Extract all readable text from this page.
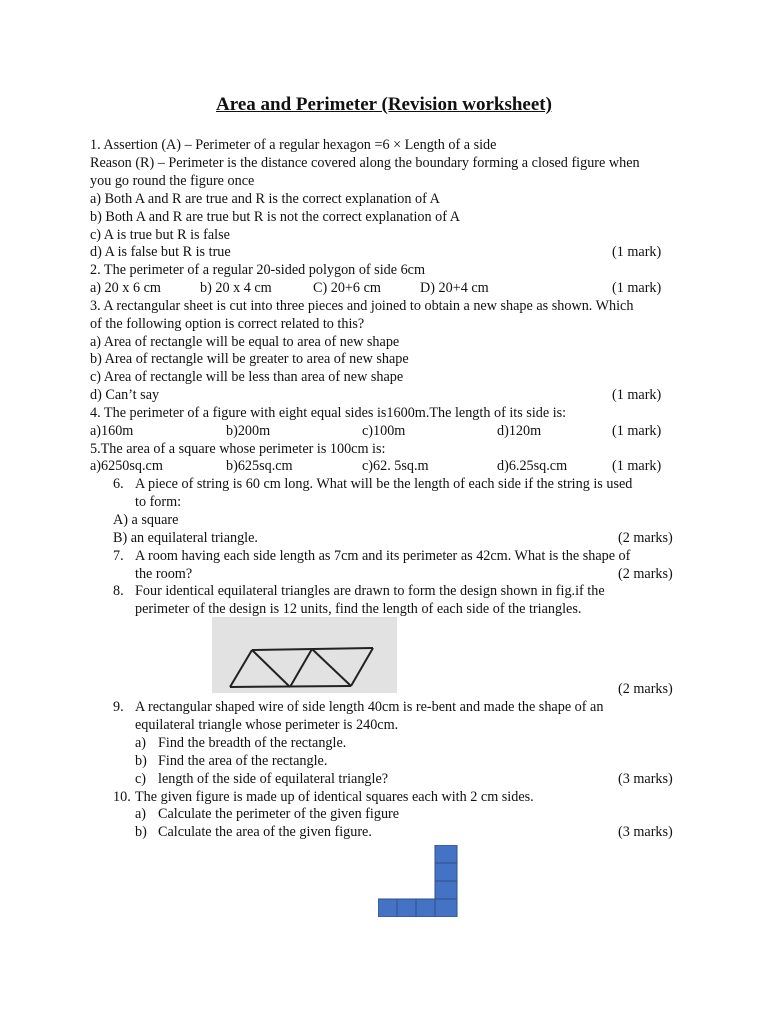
Area and Perimeter (Revision worksheet)
1. Assertion (A) – Perimeter of a regular hexagon =6 × Length of a side
Reason (R) – Perimeter is the distance covered along the boundary forming a closed figure when
you go round the figure once
a) Both A and R are true and R is the correct explanation of A
b) Both A and R are true but R is not the correct explanation of A
c) A is true but R is false
d) A is false but R is true	(1 mark)
2. The perimeter of a regular 20-sided polygon of side 6cm
a) 20 x 6 cm	b) 20 x 4 cm	C) 20+6 cm	D) 20+4 cm	(1 mark)
3. A rectangular sheet is cut into three pieces and joined to obtain a new shape as shown. Which
of the following option is correct related to this?
a) Area of rectangle will be equal to area of new shape
b) Area of rectangle will be greater to area of new shape
c) Area of rectangle will be less than area of new shape
d) Can’t say	(1 mark)
4. The perimeter of a figure with eight equal sides is1600m.The length of its side is:
a)160m	b)200m	c)100m	d)120m	(1 mark)
5.The area of a square whose perimeter is 100cm is:
a)6250sq.cm	b)625sq.cm	c)62. 5sq.m	d)6.25sq.cm	(1 mark)
6. A piece of string is 60 cm long. What will be the length of each side if the string is used
to form:
A) a square
B) an equilateral triangle.	(2 marks)
7. A room having each side length as 7cm and its perimeter as 42cm. What is the shape of
the room?	(2 marks)
8. Four identical equilateral triangles are drawn to form the design shown in fig.if the
perimeter of the design is 12 units, find the length of each side of the triangles.
(2 marks)
9. A rectangular shaped wire of side length 40cm is re-bent and made the shape of an
equilateral triangle whose perimeter is 240cm.
a) Find the breadth of the rectangle.
b) Find the area of the rectangle.
c) length of the side of equilateral triangle?	(3 marks)
10. The given figure is made up of identical squares each with 2 cm sides.
a) Calculate the perimeter of the given figure
b) Calculate the area of the given figure.	(3 marks)
